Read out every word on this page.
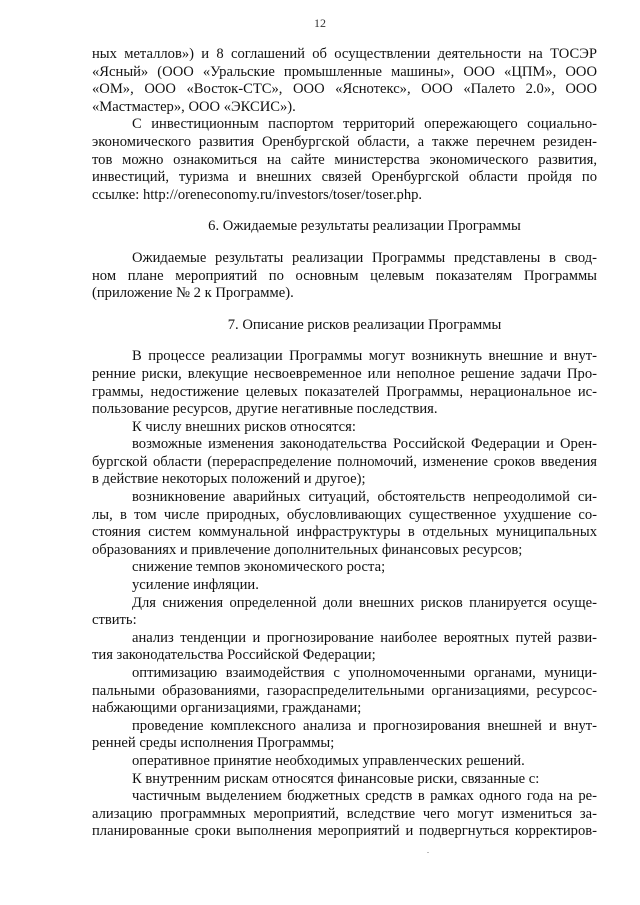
12
ных металлов») и 8 соглашений об осуществлении деятельности на ТОСЭР
«Ясный» (ООО «Уральские промышленные машины», ООО «ЦПМ», ООО
«ОМ», ООО «Восток-СТС», ООО «Яснотекс», ООО «Палето 2.0», ООО
«Мастмастер», ООО «ЭКСИС»).
С инвестиционным паспортом территорий опережающего социально-
экономического развития Оренбургской области, а также перечнем резиден-
тов можно ознакомиться на сайте министерства экономического развития,
инвестиций, туризма и внешних связей Оренбургской области пройдя по
ссылке: http://oreneconomy.ru/investors/toser/toser.php.
6. Ожидаемые результаты реализации Программы
Ожидаемые результаты реализации Программы представлены в свод-
ном плане мероприятий по основным целевым показателям Программы
(приложение № 2 к Программе).
7. Описание рисков реализации Программы
В процессе реализации Программы могут возникнуть внешние и внут-
ренние риски, влекущие несвоевременное или неполное решение задачи Про-
граммы, недостижение целевых показателей Программы, нерациональное ис-
пользование ресурсов, другие негативные последствия.
К числу внешних рисков относятся:
возможные изменения законодательства Российской Федерации и Орен-
бургской области (перераспределение полномочий, изменение сроков введения
в действие некоторых положений и другое);
возникновение аварийных ситуаций, обстоятельств непреодолимой си-
лы, в том числе природных, обусловливающих существенное ухудшение со-
стояния систем коммунальной инфраструктуры в отдельных муниципальных
образованиях и привлечение дополнительных финансовых ресурсов;
снижение темпов экономического роста;
усиление инфляции.
Для снижения определенной доли внешних рисков планируется осуще-
ствить:
анализ тенденции и прогнозирование наиболее вероятных путей разви-
тия законодательства Российской Федерации;
оптимизацию взаимодействия с уполномоченными органами, муници-
пальными образованиями, газораспределительными организациями, ресурсос-
набжающими организациями, гражданами;
проведение комплексного анализа и прогнозирования внешней и внут-
ренней среды исполнения Программы;
оперативное принятие необходимых управленческих решений.
К внутренним рискам относятся финансовые риски, связанные с:
частичным выделением бюджетных средств в рамках одного года на ре-
ализацию программных мероприятий, вследствие чего могут измениться за-
планированные сроки выполнения мероприятий и подвергнуться корректиров-
